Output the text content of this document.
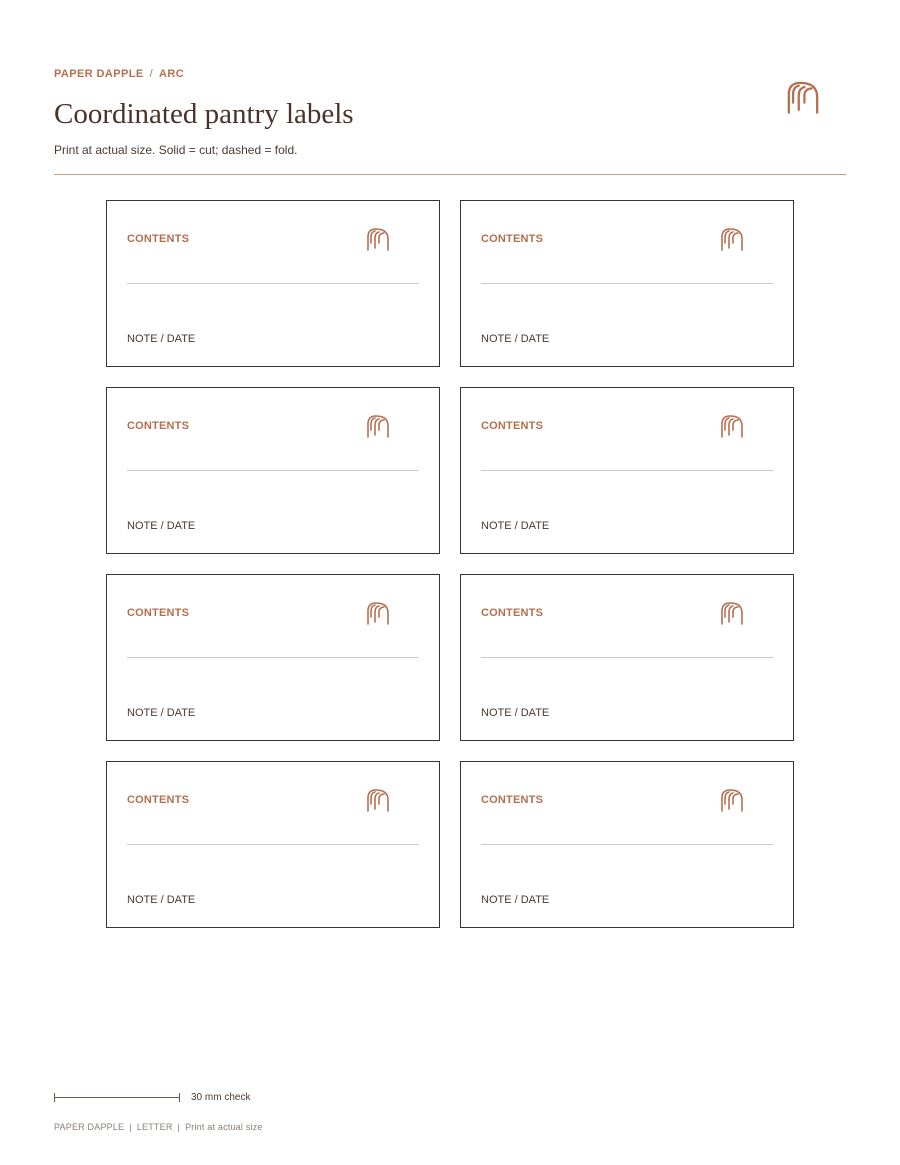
PAPER DAPPLE / ARC
Coordinated pantry labels
Print at actual size. Solid = cut; dashed = fold.
CONTENTS
NOTE / DATE
CONTENTS
NOTE / DATE
CONTENTS
NOTE / DATE
CONTENTS
NOTE / DATE
CONTENTS
NOTE / DATE
CONTENTS
NOTE / DATE
CONTENTS
NOTE / DATE
CONTENTS
NOTE / DATE
30 mm check
PAPER DAPPLE | LETTER | Print at actual size
